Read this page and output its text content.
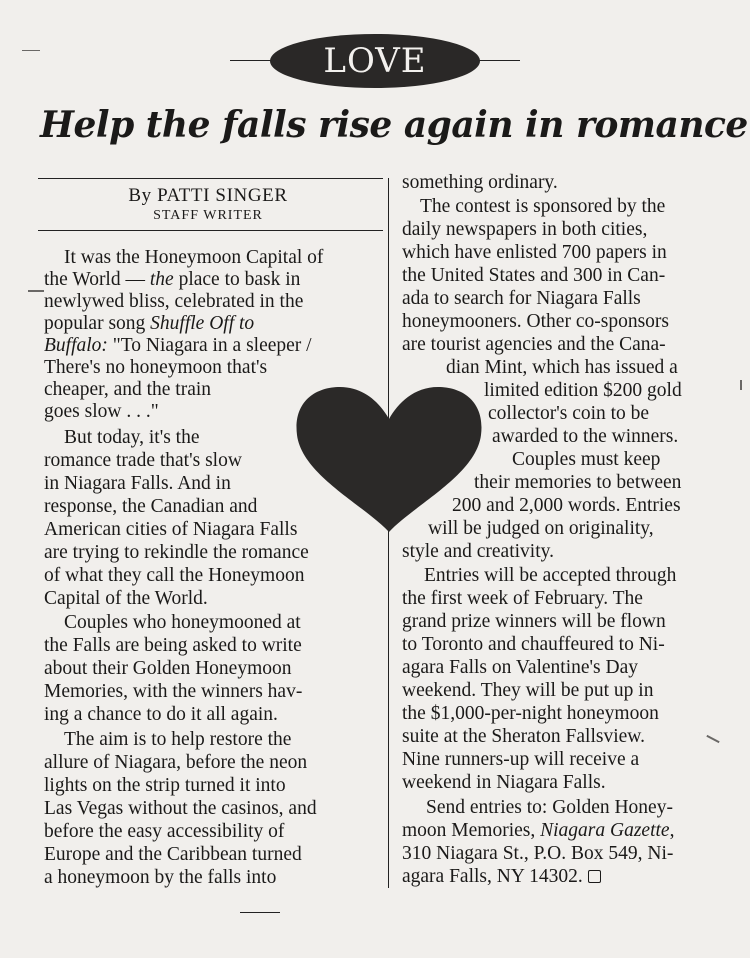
LOVE
Help the falls rise again in romance
By PATTI SINGER
STAFF WRITER
It was the Honeymoon Capital of
the World — the place to bask in
newlywed bliss, celebrated in the
popular song Shuffle Off to
Buffalo: "To Niagara in a sleeper /
There's no honeymoon that's
cheaper, and the train
goes slow . . ."
But today, it's the
romance trade that's slow
in Niagara Falls. And in
response, the Canadian and
American cities of Niagara Falls
are trying to rekindle the romance
of what they call the Honeymoon
Capital of the World.
Couples who honeymooned at
the Falls are being asked to write
about their Golden Honeymoon
Memories, with the winners hav-
ing a chance to do it all again.
The aim is to help restore the
allure of Niagara, before the neon
lights on the strip turned it into
Las Vegas without the casinos, and
before the easy accessibility of
Europe and the Caribbean turned
a honeymoon by the falls into
something ordinary.
The contest is sponsored by the
daily newspapers in both cities,
which have enlisted 700 papers in
the United States and 300 in Can-
ada to search for Niagara Falls
honeymooners. Other co-sponsors
are tourist agencies and the Cana-
dian Mint, which has issued a
limited edition $200 gold
collector's coin to be
awarded to the winners.
Couples must keep
their memories to between
200 and 2,000 words. Entries
will be judged on originality,
style and creativity.
Entries will be accepted through
the first week of February. The
grand prize winners will be flown
to Toronto and chauffeured to Ni-
agara Falls on Valentine's Day
weekend. They will be put up in
the $1,000-per-night honeymoon
suite at the Sheraton Fallsview.
Nine runners-up will receive a
weekend in Niagara Falls.
Send entries to: Golden Honey-
moon Memories, Niagara Gazette,
310 Niagara St., P.O. Box 549, Ni-
agara Falls, NY 14302.
